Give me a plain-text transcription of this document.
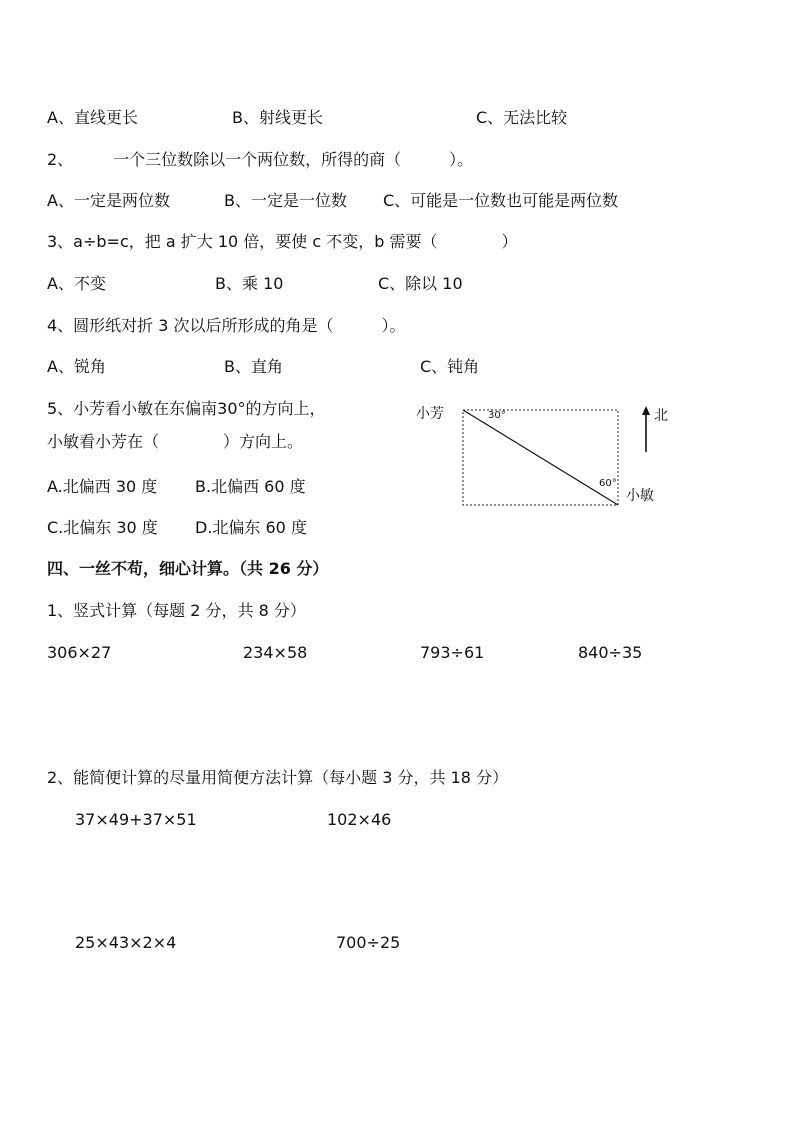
A、直线更长	B、射线更长	C、无法比较
2、　　　一个三位数除以一个两位数，所得的商（　　　）。
A、一定是两位数	B、一定是一位数 C、可能是一位数也可能是两位数
3、a÷b=c，把 a 扩大 10 倍，要使 c 不变，b 需要（　　　　）
A、不变	B、乘 10	C、除以 10
4、圆形纸对折 3 次以后所形成的角是（　　　）。
A、锐角	B、直角	C、钝角
5、小芳看小敏在东偏南30°的方向上，
小敏看小芳在（　　　　）方向上。
A.北偏西 30 度 B.北偏西 60 度
C.北偏东 30 度 D.北偏东 60 度
小芳	30°
60°
小敏
北
四、一丝不苟，细心计算。（共 26 分）
1、竖式计算（每题 2 分，共 8 分）
306×27	234×58	793÷61	840÷35
2、能简便计算的尽量用简便方法计算（每小题 3 分，共 18 分）
37×49+37×51	102×46
25×43×2×4	700÷25
